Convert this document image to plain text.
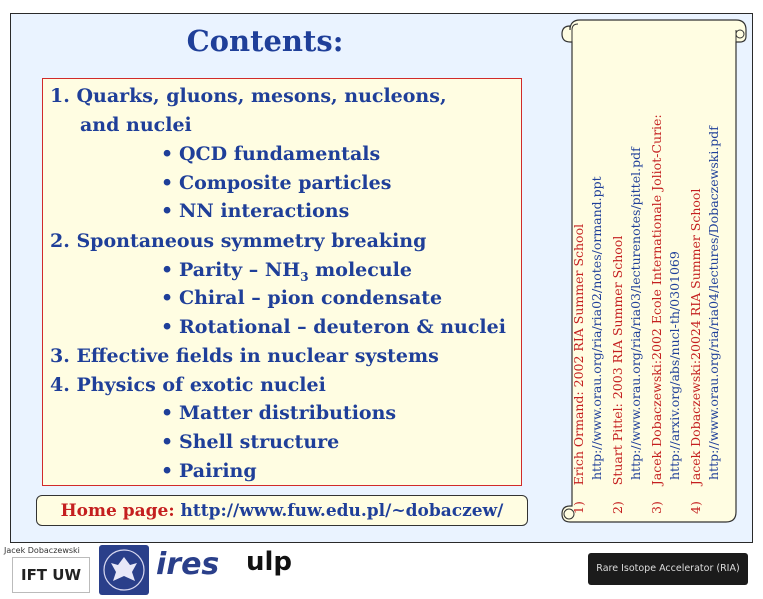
Contents:
1. Quarks, gluons, mesons, nucleons,
and nuclei
• QCD fundamentals
• Composite particles
• NN interactions
2. Spontaneous symmetry breaking
• Parity – $NH_3$ molecule
• Chiral – pion condensate
• Rotational – deuteron & nuclei
3. Effective fields in nuclear systems
4. Physics of exotic nuclei
• Matter distributions
• Shell structure
• Pairing
Home page: http://www.fuw.edu.pl/~dobaczew/	1)    Erich Ormand: 2002 RIA Summer School http://www.orau.org/ria/ria02/notes/ormand.ppt
2)    Stuart Pittel: 2003 RIA Summer School http://www.orau.org/ria/ria03/lecturenotes/pittel.pdf
3)    Jacek Dobaczewski:2002 Ecole Internationale Joliot-Curie: http://arxiv.org/abs/nucl-th/0301069
4)    Jacek Dobaczewski:20024 RIA Summer School http://www.orau.org/ria/ria04/lectures/Dobaczewski.pdf
Jacek Dobaczewski
IFT UW	ires	ulp	Rare Isotope Accelerator (RIA)
